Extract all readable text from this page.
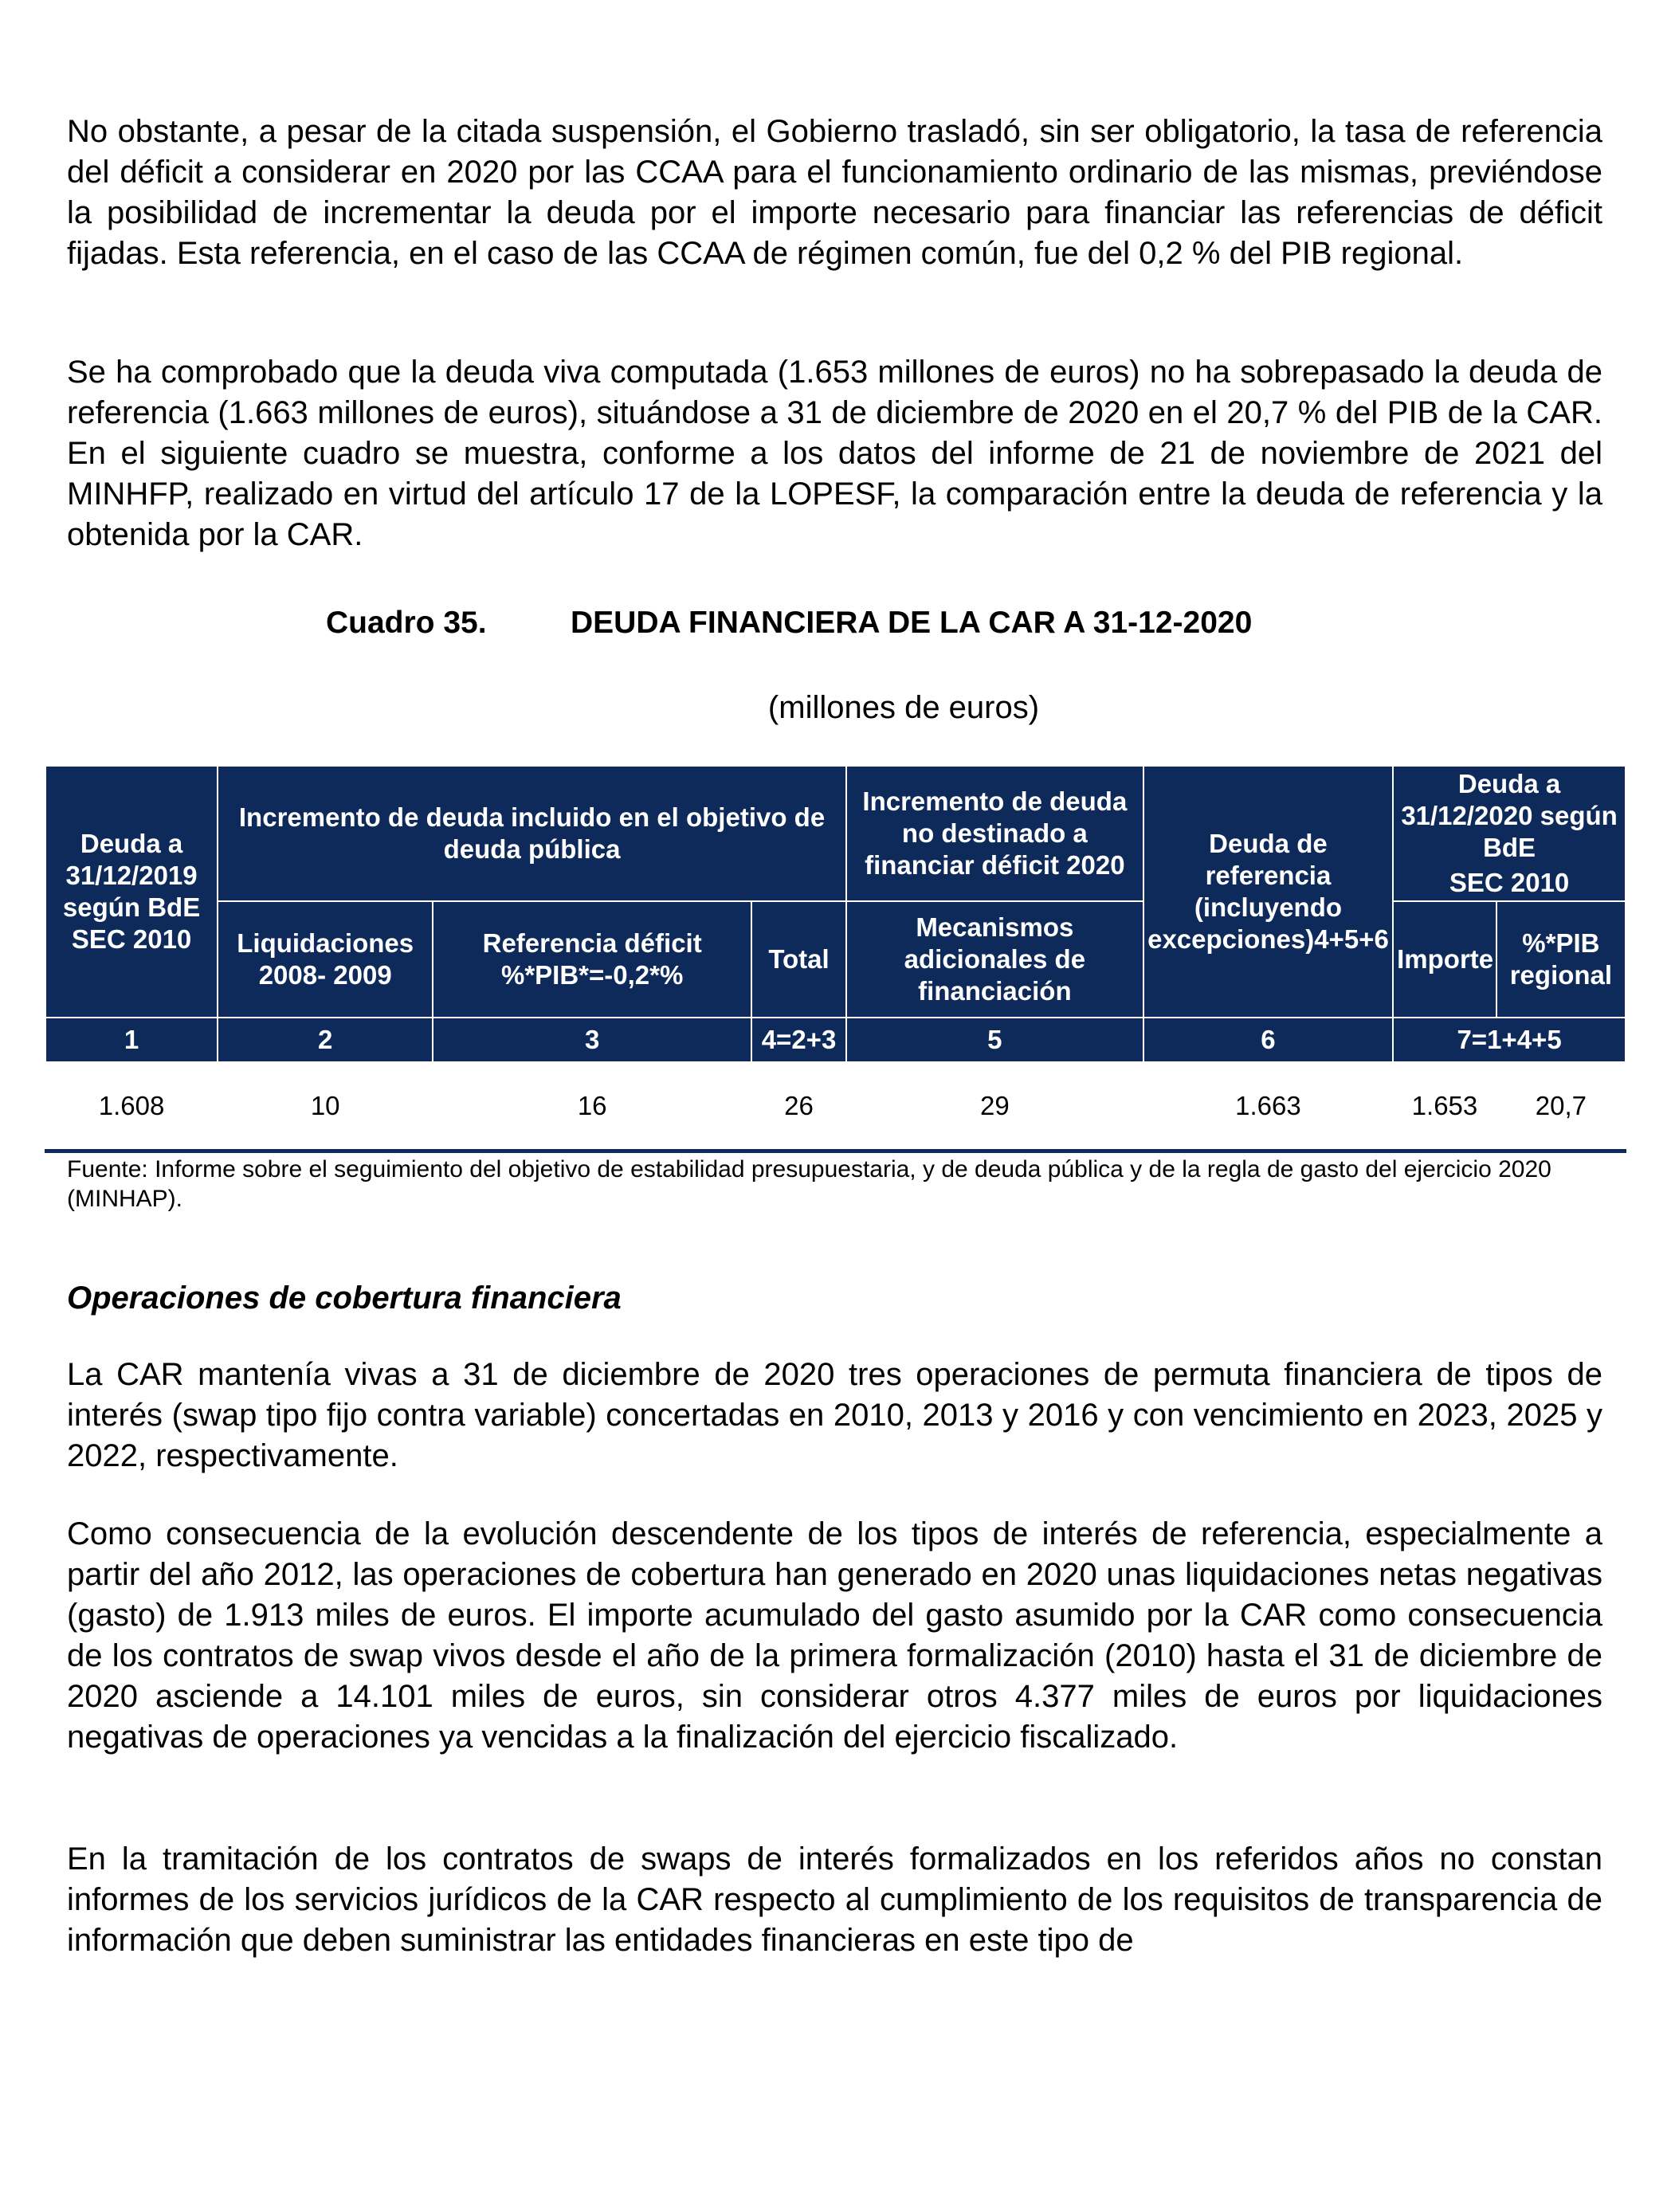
No obstante, a pesar de la citada suspensión, el Gobierno trasladó, sin ser obligatorio, la tasa de referencia del déficit a considerar en 2020 por las CCAA para el funcionamiento ordinario de las mismas, previéndose la posibilidad de incrementar la deuda por el importe necesario para financiar las referencias de déficit fijadas. Esta referencia, en el caso de las CCAA de régimen común, fue del 0,2 % del PIB regional.

Se ha comprobado que la deuda viva computada (1.653 millones de euros) no ha sobrepasado la deuda de referencia (1.663 millones de euros), situándose a 31 de diciembre de 2020 en el 20,7 % del PIB de la CAR. En el siguiente cuadro se muestra, conforme a los datos del informe de 21 de noviembre de 2021 del MINHFP, realizado en virtud del artículo 17 de la LOPESF, la comparación entre la deuda de referencia y la obtenida por la CAR.

Cuadro 35.	DEUDA FINANCIERA DE LA CAR A 31-12-2020
(millones de euros)
Deuda a 31/12/2019 según BdE SEC 2010	Incremento de deuda incluido en el objetivo de deuda pública			Incremento de deuda no destinado a financiar déficit 2020	Deuda de referencia (incluyendo excepciones)4+5+6	Deuda a 31/12/2020 según BdE
SEC 2010	

	Liquidaciones 2008- 2009	Referencia déficit %*PIB*=-0,2*%	Total	Mecanismos adicionales de financiación		Importe	%*PIB regional
1	2	3	4=2+3	5	6	7=1+4+5	
1.608	10	16	26	29	1.663	1.653	20,7
Fuente: Informe sobre el seguimiento del objetivo de estabilidad presupuestaria, y de deuda pública y de la regla de gasto del ejercicio 2020 (MINHAP).
Operaciones de cobertura financiera

La CAR mantenía vivas a 31 de diciembre de 2020 tres operaciones de permuta financiera de tipos de interés (swap tipo fijo contra variable) concertadas en 2010, 2013 y 2016 y con vencimiento en 2023, 2025 y 2022, respectivamente.

Como consecuencia de la evolución descendente de los tipos de interés de referencia, especialmente a partir del año 2012, las operaciones de cobertura han generado en 2020 unas liquidaciones netas negativas (gasto) de 1.913 miles de euros. El importe acumulado del gasto asumido por la CAR como consecuencia de los contratos de swap vivos desde el año de la primera formalización (2010) hasta el 31 de diciembre de 2020 asciende a 14.101 miles de euros, sin considerar otros 4.377 miles de euros por liquidaciones negativas de operaciones ya vencidas a la finalización del ejercicio fiscalizado.

En la tramitación de los contratos de swaps de interés formalizados en los referidos años no constan informes de los servicios jurídicos de la CAR respecto al cumplimiento de los requisitos de transparencia de información que deben suministrar las entidades financieras en este tipo de
